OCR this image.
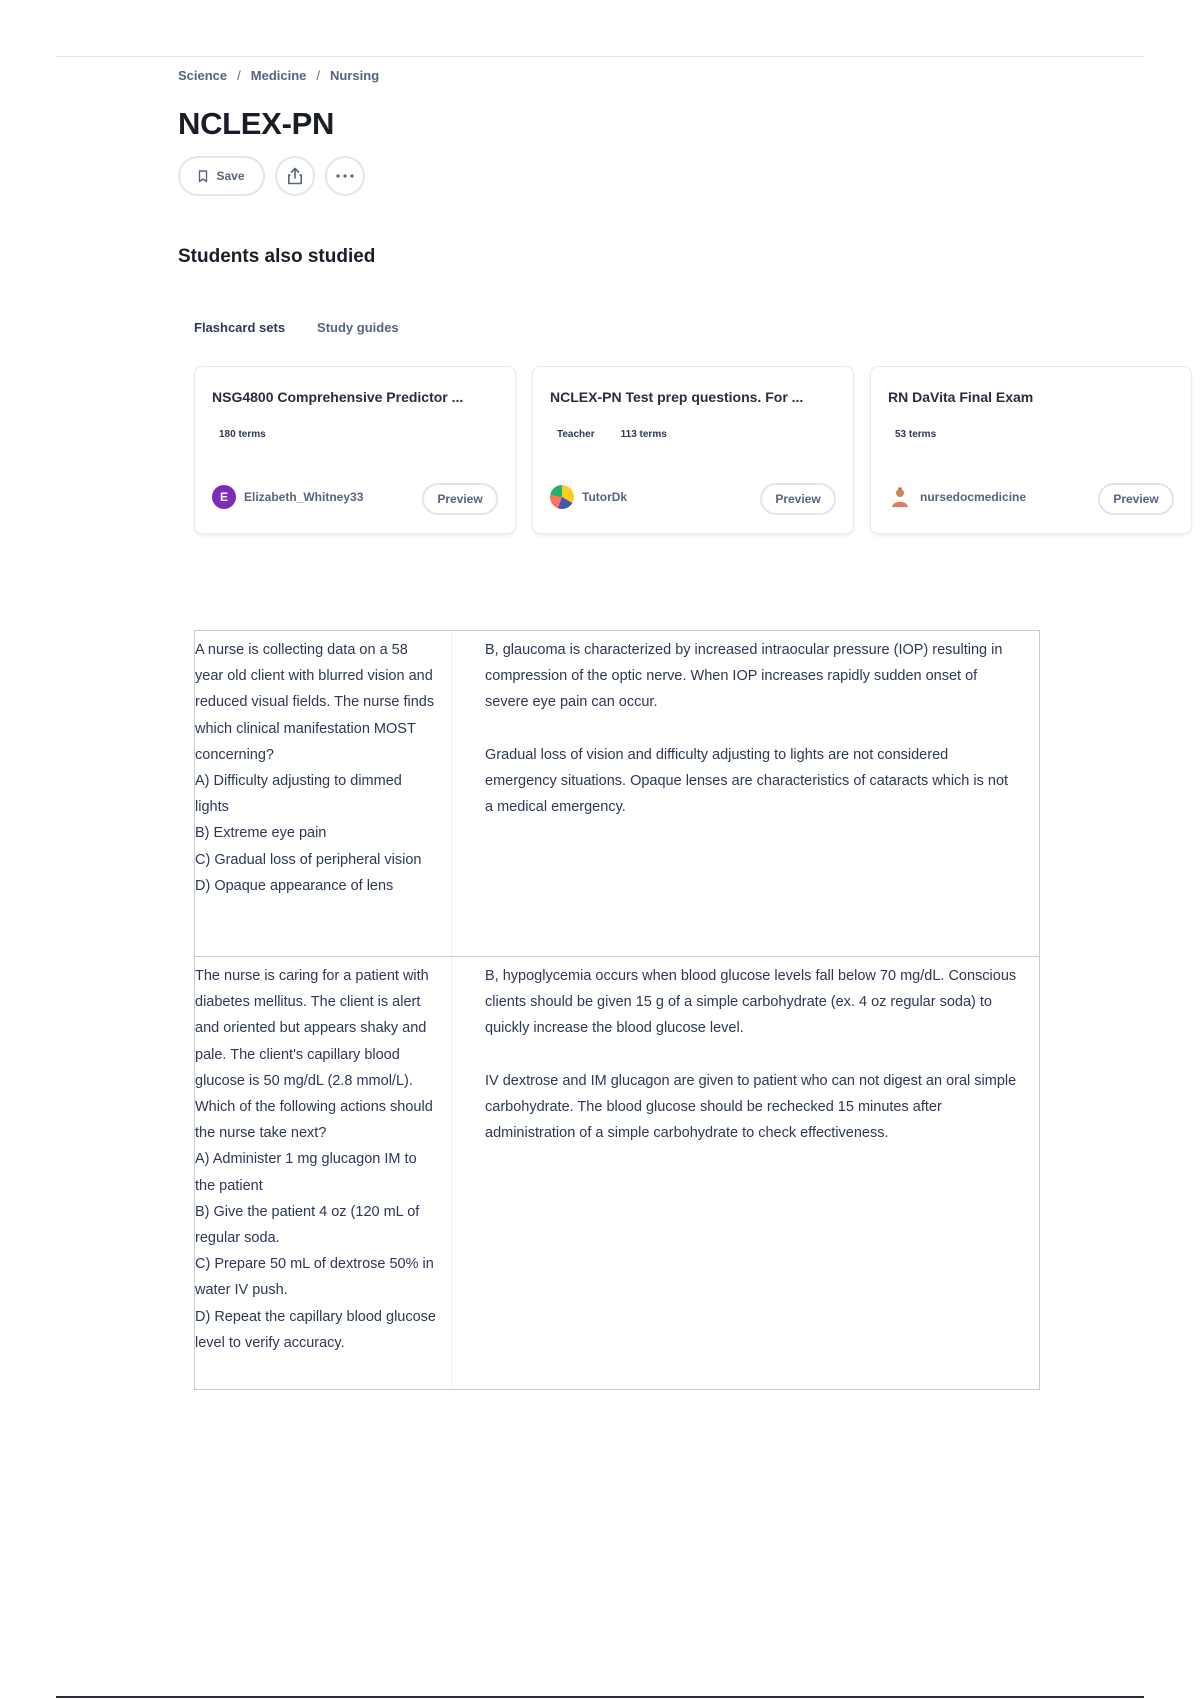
Science / Medicine / Nursing
NCLEX-PN
Save
Students also studied
Flashcard sets Study guides
NSG4800 Comprehensive Predictor ...
180 terms
E	Elizabeth_Whitney33	Preview
NCLEX-PN Test prep questions. For ...
Teacher	113 terms
TutorDk	Preview
RN DaVita Final Exam
53 terms
nursedocmedicine	Preview
A nurse is collecting data on a 58 year old client with blurred vision and reduced visual fields. The nurse finds which clinical manifestation MOST concerning?
A) Difficulty adjusting to dimmed lights
B) Extreme eye pain
C) Gradual loss of peripheral vision
D) Opaque appearance of lens
B, glaucoma is characterized by increased intraocular pressure (IOP) resulting in compression of the optic nerve. When IOP increases rapidly sudden onset of severe eye pain can occur.

Gradual loss of vision and difficulty adjusting to lights are not considered emergency situations. Opaque lenses are characteristics of cataracts which is not a medical emergency.
The nurse is caring for a patient with diabetes mellitus. The client is alert and oriented but appears shaky and pale. The client's capillary blood glucose is 50 mg/dL (2.8 mmol/L). Which of the following actions should the nurse take next?
A) Administer 1 mg glucagon IM to the patient
B) Give the patient 4 oz (120 mL of regular soda.
C) Prepare 50 mL of dextrose 50% in water IV push.
D) Repeat the capillary blood glucose level to verify accuracy.
B, hypoglycemia occurs when blood glucose levels fall below 70 mg/dL. Conscious clients should be given 15 g of a simple carbohydrate (ex. 4 oz regular soda) to quickly increase the blood glucose level.

IV dextrose and IM glucagon are given to patient who can not digest an oral simple carbohydrate. The blood glucose should be rechecked 15 minutes after administration of a simple carbohydrate to check effectiveness.
